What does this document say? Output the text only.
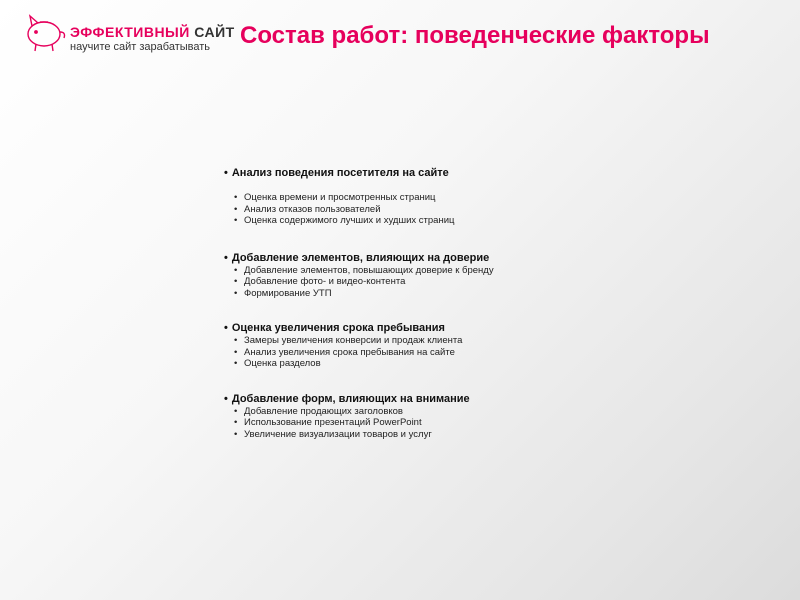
ЭФФЕКТИВНЫЙ САЙТ
научите сайт зарабатывать Состав работ: поведенческие факторы
• Анализ поведения посетителя на сайте
• Оценка времени и просмотренных страниц
• Анализ отказов пользователей
• Оценка содержимого лучших и худших страниц
• Добавление элементов, влияющих на доверие
• Добавление элементов, повышающих доверие к бренду
• Добавление фото- и видео-контента
• Формирование УТП
• Оценка увеличения срока пребывания
• Замеры увеличения конверсии и продаж клиента
• Анализ увеличения срока пребывания на сайте
• Оценка разделов
• Добавление форм, влияющих на внимание
• Добавление продающих заголовков
• Использование презентаций PowerPoint
• Увеличение визуализации товаров и услуг
